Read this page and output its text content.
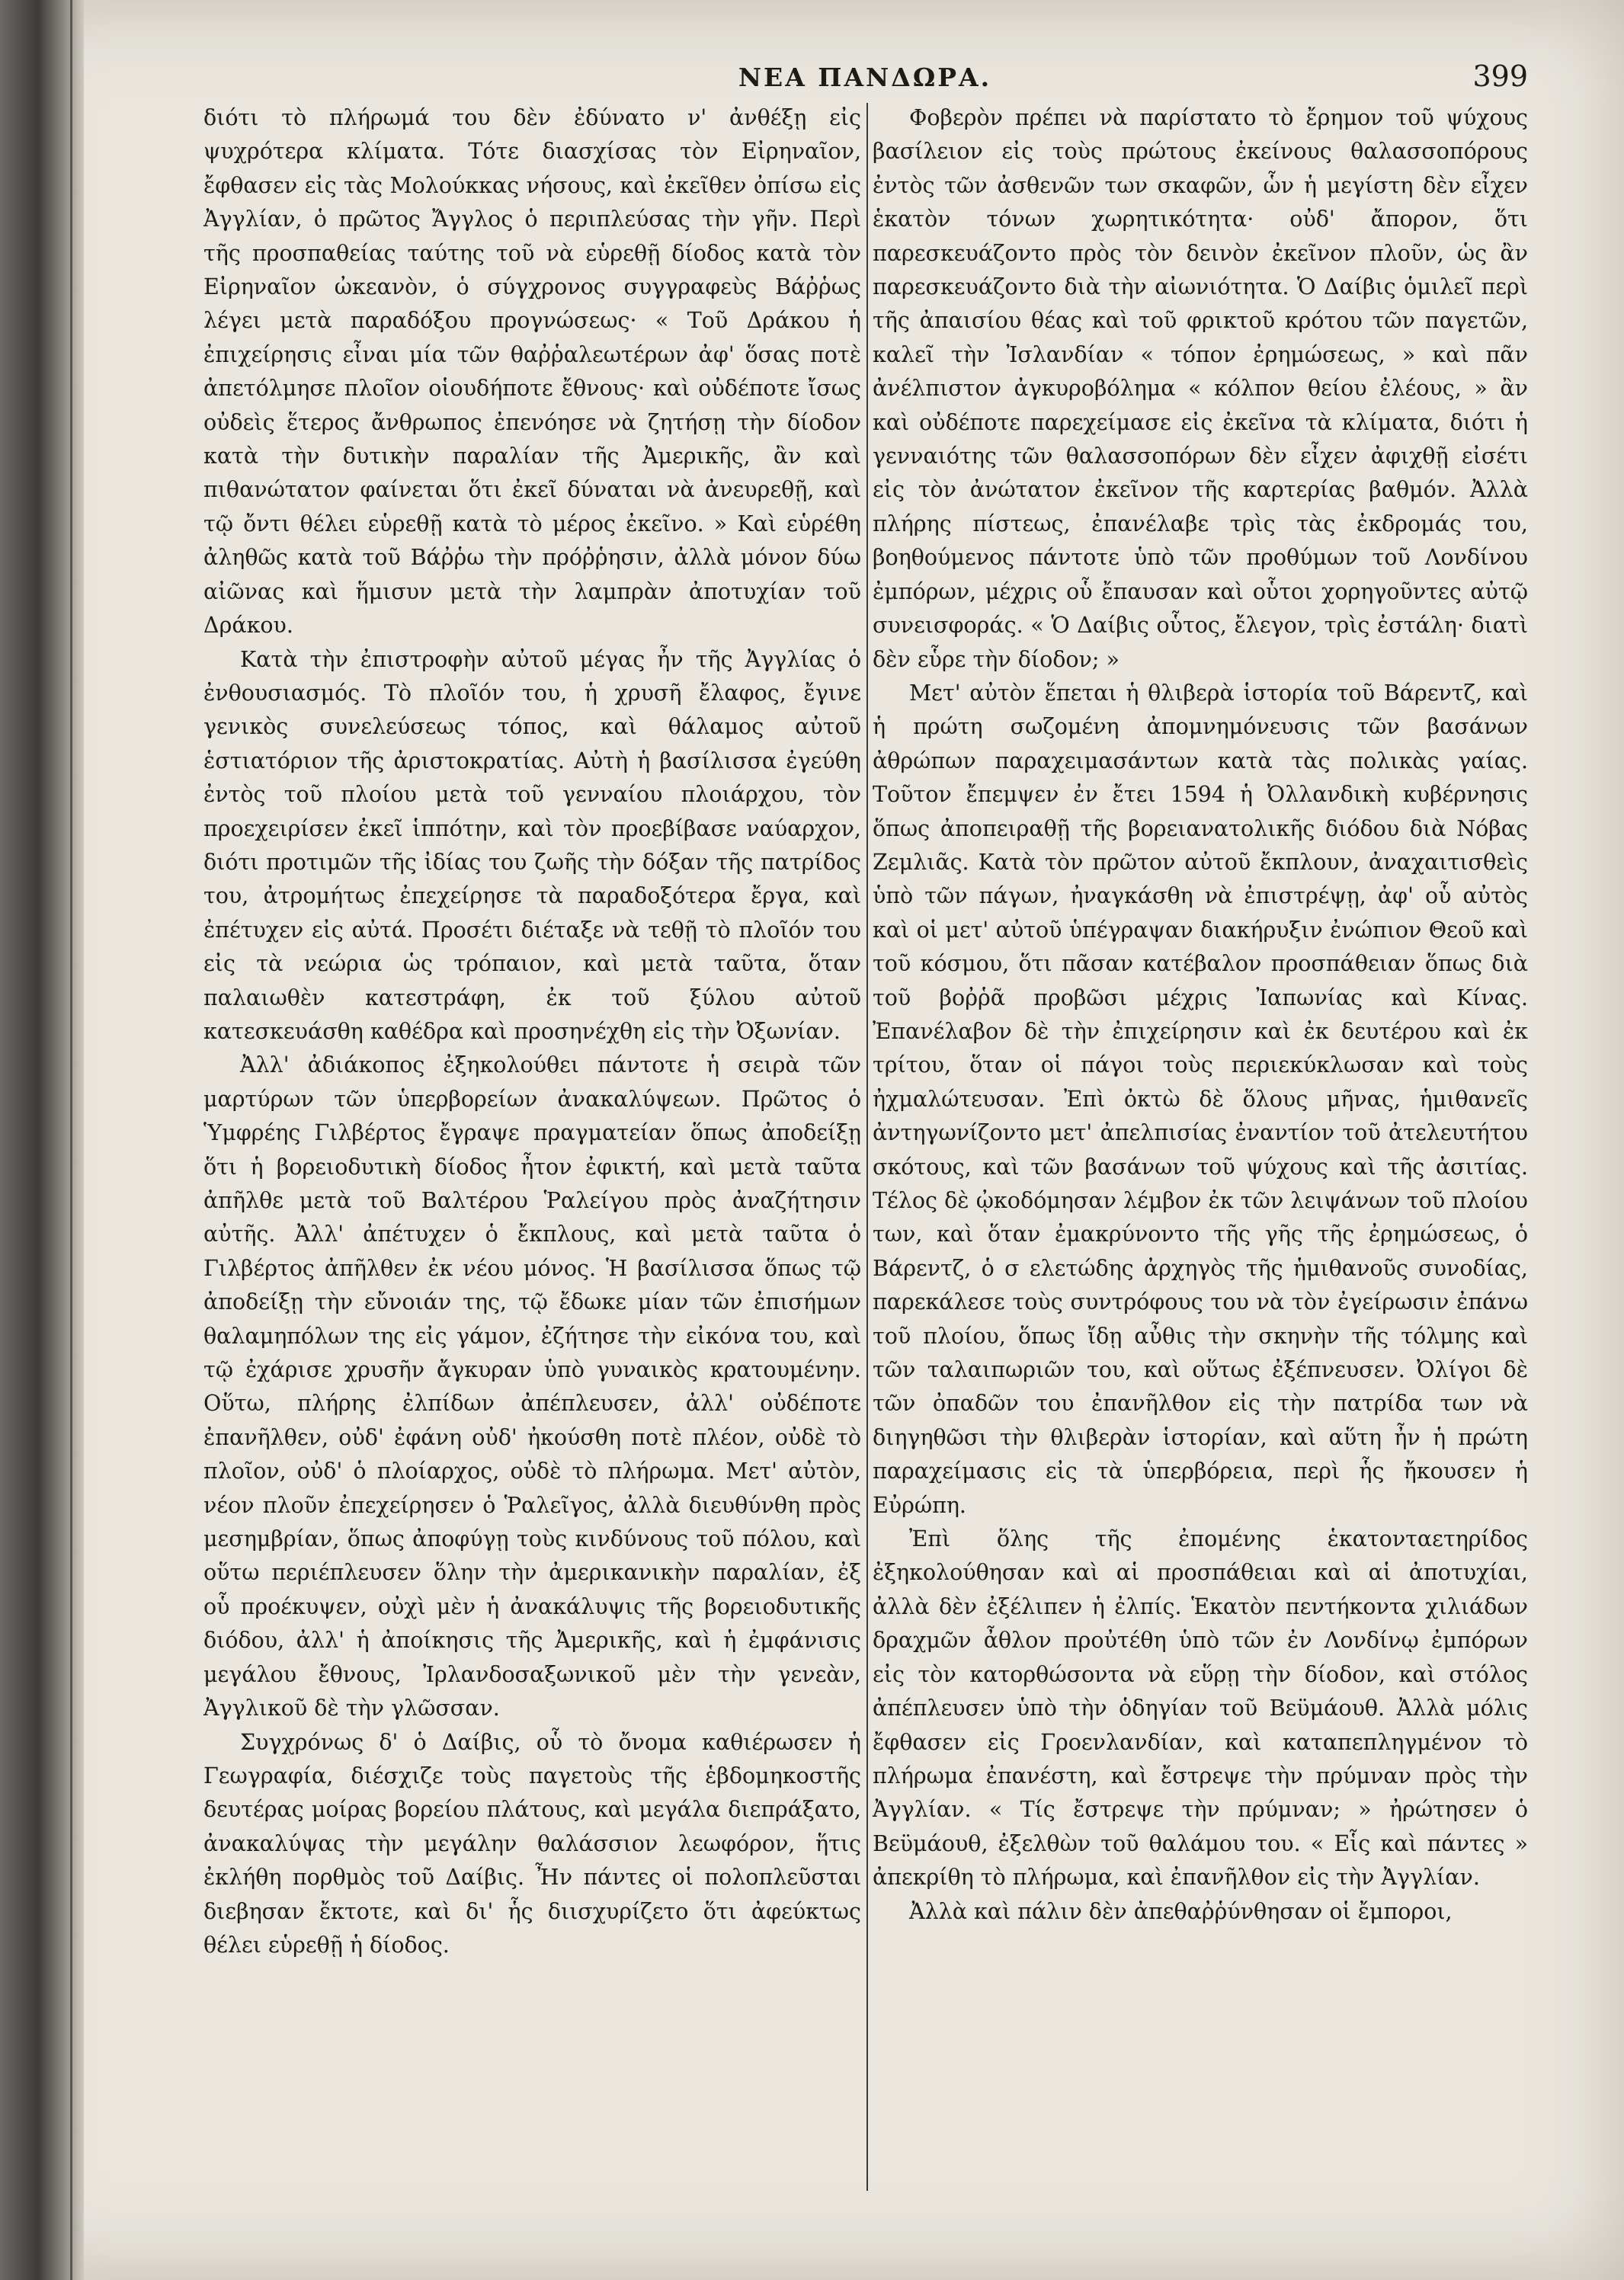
ΝΕΑ ΠΑΝΔΩΡΑ.	399

διότι τὸ πλήρωμά του δὲν ἐδύνατο ν' ἀνθέξῃ εἰς ψυχρότερα κλίματα. Τότε διασχίσας τὸν Εἰρηναῖον, ἔφθασεν εἰς τὰς Μολούκκας νήσους, καὶ ἐκεῖθεν ὀπίσω εἰς Ἀγγλίαν, ὁ πρῶτος Ἄγγλος ὁ περιπλεύσας τὴν γῆν. Περὶ τῆς προσπαθείας ταύτης τοῦ νὰ εὑρεθῇ δίοδος κατὰ τὸν Εἰρηναῖον ὠκεανὸν, ὁ σύγχρονος συγγραφεὺς Βάῤῥως λέγει μετὰ παραδόξου προγνώσεως· « Τοῦ Δράκου ἡ ἐπιχείρησις εἶναι μία τῶν θαῤῥαλεωτέρων ἀφ' ὅσας ποτὲ ἀπετόλμησε πλοῖον οἱουδήποτε ἔθνους· καὶ οὐδέποτε ἴσως οὐδεὶς ἕτερος ἄνθρωπος ἐπενόησε νὰ ζητήσῃ τὴν δίοδον κατὰ τὴν δυτικὴν παραλίαν τῆς Ἀμερικῆς, ἂν καὶ πιθανώτατον φαίνεται ὅτι ἐκεῖ δύναται νὰ ἀνευρεθῇ, καὶ τῷ ὄντι θέλει εὑρεθῇ κατὰ τὸ μέρος ἐκεῖνο. » Καὶ εὑρέθη ἀληθῶς κατὰ τοῦ Βάῤῥω τὴν πρόῤῥησιν, ἀλλὰ μόνον δύω αἰῶνας καὶ ἥμισυν μετὰ τὴν λαμπρὰν ἀποτυχίαν τοῦ Δράκου.

Κατὰ τὴν ἐπιστροφὴν αὐτοῦ μέγας ἦν τῆς Ἀγγλίας ὁ ἐνθουσιασμός. Τὸ πλοῖόν του, ἡ χρυσῆ ἔλαφος, ἔγινε γενικὸς συνελεύσεως τόπος, καὶ θάλαμος αὐτοῦ ἑστιατόριον τῆς ἀριστοκρατίας. Αὐτὴ ἡ βασίλισσα ἐγεύθη ἐντὸς τοῦ πλοίου μετὰ τοῦ γενναίου πλοιάρχου, τὸν προεχειρίσεν ἐκεῖ ἱππότην, καὶ τὸν προεβίβασε ναύαρχον, διότι προτιμῶν τῆς ἰδίας του ζωῆς τὴν δόξαν τῆς πατρίδος του, ἀτρομήτως ἐπεχείρησε τὰ παραδοξότερα ἔργα, καὶ ἐπέτυχεν εἰς αὐτά. Προσέτι διέταξε νὰ τεθῇ τὸ πλοῖόν του εἰς τὰ νεώρια ὡς τρόπαιον, καὶ μετὰ ταῦτα, ὅταν παλαιωθὲν κατεστράφη, ἐκ τοῦ ξύλου αὐτοῦ κατεσκευάσθη καθέδρα καὶ προσηνέχθη εἰς τὴν Ὀξωνίαν.

Ἀλλ' ἀδιάκοπος ἐξηκολούθει πάντοτε ἡ σειρὰ τῶν μαρτύρων τῶν ὑπερβορείων ἀνακαλύψεων. Πρῶτος ὁ Ὑμφρέης Γιλβέρτος ἔγραψε πραγματείαν ὅπως ἀποδείξῃ ὅτι ἡ βορειοδυτικὴ δίοδος ἦτον ἐφικτή, καὶ μετὰ ταῦτα ἀπῆλθε μετὰ τοῦ Βαλτέρου Ῥαλείγου πρὸς ἀναζήτησιν αὐτῆς. Ἀλλ' ἀπέτυχεν ὁ ἔκπλους, καὶ μετὰ ταῦτα ὁ Γιλβέρτος ἀπῆλθεν ἐκ νέου μόνος. Ἡ βασίλισσα ὅπως τῷ ἀποδείξῃ τὴν εὔνοιάν της, τῷ ἔδωκε μίαν τῶν ἐπισήμων θαλαμηπόλων της εἰς γάμον, ἐζήτησε τὴν εἰκόνα του, καὶ τῷ ἐχάρισε χρυσῆν ἄγκυραν ὑπὸ γυναικὸς κρατουμένην. Οὕτω, πλήρης ἐλπίδων ἀπέπλευσεν, ἀλλ' οὐδέποτε ἐπανῆλθεν, οὐδ' ἐφάνη οὐδ' ἠκούσθη ποτὲ πλέον, οὐδὲ τὸ πλοῖον, οὐδ' ὁ πλοίαρχος, οὐδὲ τὸ πλήρωμα. Μετ' αὐτὸν, νέον πλοῦν ἐπεχείρησεν ὁ Ῥαλεῖγος, ἀλλὰ διευθύνθη πρὸς μεσημβρίαν, ὅπως ἀποφύγῃ τοὺς κινδύνους τοῦ πόλου, καὶ οὕτω περιέπλευσεν ὅλην τὴν ἀμερικανικὴν παραλίαν, ἐξ οὗ προέκυψεν, οὐχὶ μὲν ἡ ἀνακάλυψις τῆς βορειοδυτικῆς διόδου, ἀλλ' ἡ ἀποίκησις τῆς Ἀμερικῆς, καὶ ἡ ἐμφάνισις μεγάλου ἔθνους, Ἰρλανδοσαξωνικοῦ μὲν τὴν γενεὰν, Ἀγγλικοῦ δὲ τὴν γλῶσσαν.

Συγχρόνως δ' ὁ Δαίβις, οὗ τὸ ὄνομα καθιέρωσεν ἡ Γεωγραφία, διέσχιζε τοὺς παγετοὺς τῆς ἑβδομηκοστῆς δευτέρας μοίρας βορείου πλάτους, καὶ μεγάλα διεπράξατο, ἀνακαλύψας τὴν μεγάλην θαλάσσιον λεωφόρον, ἥτις ἐκλήθη πορθμὸς τοῦ Δαίβις. Ἦν πάντες οἱ πολοπλεῦσται διεβησαν ἔκτοτε, καὶ δι' ἧς διισχυρίζετο ὅτι ἀφεύκτως θέλει εὑρεθῇ ἡ δίοδος.

Φοβερὸν πρέπει νὰ παρίστατο τὸ ἔρημον τοῦ ψύχους βασίλειον εἰς τοὺς πρώτους ἐκείνους θαλασσοπόρους ἐντὸς τῶν ἀσθενῶν των σκαφῶν, ὧν ἡ μεγίστη δὲν εἶχεν ἑκατὸν τόνων χωρητικότητα· οὐδ' ἄπορον, ὅτι παρεσκευάζοντο πρὸς τὸν δεινὸν ἐκεῖνον πλοῦν, ὡς ἂν παρεσκευάζοντο διὰ τὴν αἰωνιότητα. Ὁ Δαίβις ὁμιλεῖ περὶ τῆς ἀπαισίου θέας καὶ τοῦ φρικτοῦ κρότου τῶν παγετῶν, καλεῖ τὴν Ἰσλανδίαν « τόπον ἐρημώσεως, » καὶ πᾶν ἀνέλπιστον ἀγκυροβόλημα « κόλπον θείου ἐλέους, » ἂν καὶ οὐδέποτε παρεχείμασε εἰς ἐκεῖνα τὰ κλίματα, διότι ἡ γενναιότης τῶν θαλασσοπόρων δὲν εἶχεν ἀφιχθῇ εἰσέτι εἰς τὸν ἀνώτατον ἐκεῖνον τῆς καρτερίας βαθμόν. Ἀλλὰ πλήρης πίστεως, ἐπανέλαβε τρὶς τὰς ἐκδρομάς του, βοηθούμενος πάντοτε ὑπὸ τῶν προθύμων τοῦ Λονδίνου ἐμπόρων, μέχρις οὗ ἔπαυσαν καὶ οὗτοι χορηγοῦντες αὐτῷ συνεισφοράς. « Ὁ Δαίβις οὗτος, ἔλεγον, τρὶς ἐστάλη· διατὶ δὲν εὗρε τὴν δίοδον; »

Μετ' αὐτὸν ἕπεται ἡ θλιβερὰ ἱστορία τοῦ Βάρεντζ, καὶ ἡ πρώτη σωζομένη ἀπομνημόνευσις τῶν βασάνων ἀθρώπων παραχειμασάντων κατὰ τὰς πολικὰς γαίας. Τοῦτον ἔπεμψεν ἐν ἔτει 1594 ἡ Ὀλλανδικὴ κυβέρνησις ὅπως ἀποπειραθῇ τῆς βορειανατολικῆς διόδου διὰ Νόβας Ζεμλιᾶς. Κατὰ τὸν πρῶτον αὐτοῦ ἔκπλουν, ἀναχαιτισθεὶς ὑπὸ τῶν πάγων, ἠναγκάσθη νὰ ἐπιστρέψῃ, ἀφ' οὗ αὐτὸς καὶ οἱ μετ' αὐτοῦ ὑπέγραψαν διακήρυξιν ἐνώπιον Θεοῦ καὶ τοῦ κόσμου, ὅτι πᾶσαν κατέβαλον προσπάθειαν ὅπως διὰ τοῦ βοῤῥᾶ προβῶσι μέχρις Ἰαπωνίας καὶ Κίνας. Ἐπανέλαβον δὲ τὴν ἐπιχείρησιν καὶ ἐκ δευτέρου καὶ ἐκ τρίτου, ὅταν οἱ πάγοι τοὺς περιεκύκλωσαν καὶ τοὺς ἠχμαλώτευσαν. Ἐπὶ ὀκτὼ δὲ ὅλους μῆνας, ἡμιθανεῖς ἀντηγωνίζοντο μετ' ἀπελπισίας ἐναντίον τοῦ ἀτελευτήτου σκότους, καὶ τῶν βασάνων τοῦ ψύχους καὶ τῆς ἀσιτίας. Τέλος δὲ ᾠκοδόμησαν λέμβον ἐκ τῶν λειψάνων τοῦ πλοίου των, καὶ ὅταν ἐμακρύνοντο τῆς γῆς τῆς ἐρημώσεως, ὁ Βάρεντζ, ὁ σ ελετώδης ἀρχηγὸς τῆς ἡμιθανοῦς συνοδίας, παρεκάλεσε τοὺς συντρόφους του νὰ τὸν ἐγείρωσιν ἐπάνω τοῦ πλοίου, ὅπως ἴδῃ αὖθις τὴν σκηνὴν τῆς τόλμης καὶ τῶν ταλαιπωριῶν του, καὶ οὕτως ἐξέπνευσεν. Ὀλίγοι δὲ τῶν ὀπαδῶν του ἐπανῆλθον εἰς τὴν πατρίδα των νὰ διηγηθῶσι τὴν θλιβερὰν ἱστορίαν, καὶ αὕτη ἦν ἡ πρώτη παραχείμασις εἰς τὰ ὑπερβόρεια, περὶ ἧς ἤκουσεν ἡ Εὐρώπη.

Ἐπὶ ὅλης τῆς ἐπομένης ἑκατονταετηρίδος ἐξηκολούθησαν καὶ αἱ προσπάθειαι καὶ αἱ ἀποτυχίαι, ἀλλὰ δὲν ἐξέλιπεν ἡ ἐλπίς. Ἑκατὸν πεντήκοντα χιλιάδων δραχμῶν ἆθλον προὐτέθη ὑπὸ τῶν ἐν Λονδίνῳ ἐμπόρων εἰς τὸν κατορθώσοντα νὰ εὕρῃ τὴν δίοδον, καὶ στόλος ἀπέπλευσεν ὑπὸ τὴν ὁδηγίαν τοῦ Βεϋμάουθ. Ἀλλὰ μόλις ἔφθασεν εἰς Γροενλανδίαν, καὶ καταπεπληγμένον τὸ πλήρωμα ἐπανέστη, καὶ ἔστρεψε τὴν πρύμναν πρὸς τὴν Ἀγγλίαν. « Τίς ἔστρεψε τὴν πρύμναν; » ἠρώτησεν ὁ Βεϋμάουθ, ἐξελθὼν τοῦ θαλάμου του. « Εἷς καὶ πάντες » ἀπεκρίθη τὸ πλήρωμα, καὶ ἐπανῆλθον εἰς τὴν Ἀγγλίαν.

Ἀλλὰ καὶ πάλιν δὲν ἀπεθαῤῥύνθησαν οἱ ἔμποροι,
